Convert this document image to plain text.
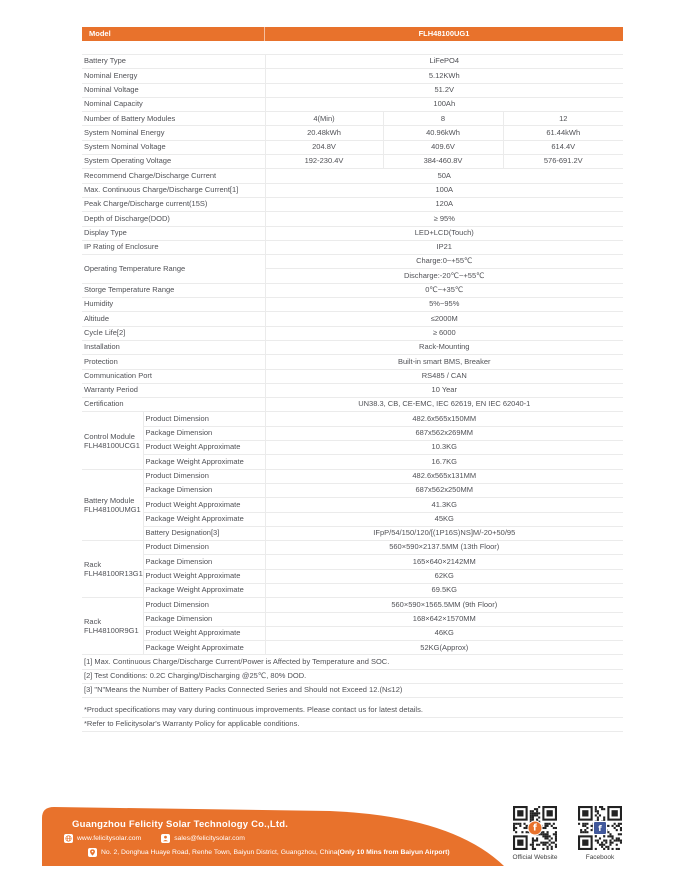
Model	FLH48100UG1
Battery Type		LiFePO4		
Nominal Energy		5.12KWh		
Nominal Voltage		51.2V		
Nominal Capacity		100Ah		
Number of Battery Modules		4(Min)	8	12
System Nominal Energy		20.48kWh	40.96kWh	61.44kWh
System Nominal Voltage		204.8V	409.6V	614.4V
System Operating Voltage		192-230.4V	384-460.8V	576-691.2V
Recommend Charge/Discharge Current		50A		
Max. Continuous Charge/Discharge Current[1]		100A		
Peak Charge/Discharge current(15S)		120A		
Depth of Discharge(DOD)		≥ 95%		
Display Type		LED+LCD(Touch)		
IP Rating of Enclosure		IP21		
Operating Temperature Range		Charge:0~+55℃		
		Discharge:-20℃~+55℃		
Storge Temperature Range		0℃~+35℃		
Humidity		5%~95%		
Altitude		≤2000M		
Cycle Life[2]		≥ 6000		
Installation		Rack-Mounting		
Protection		Built-in smart BMS, Breaker		
Communication Port		RS485 / CAN		
Warranty Period		10 Year		
Certification		UN38.3, CB, CE-EMC, IEC 62619, EN IEC 62040-1		

Control Module
FLH48100UCG1	Product Dimension	482.6x565x150MM		
	Package Dimension	687x562x269MM		
	Product Weight Approximate	10.3KG		
	Package Weight Approximate	16.7KG		

Battery Module
FLH48100UMG1	Product Dimension	482.6x565x131MM		
	Package Dimension	687x562x250MM		
	Product Weight Approximate	41.3KG		
	Package Weight Approximate	45KG		
	Battery Designation[3]	IFpP/54/150/120/[(1P16S)NS]M/-20+50/95		

Rack
FLH48100R13G1	Product Dimension	560×590×2137.5MM (13th Floor)		
	Package Dimension	165×640×2142MM		
	Product Weight Approximate	62KG		
	Package Weight Approximate	69.5KG		

Rack
FLH48100R9G1	Product Dimension	560×590×1565.5MM (9th Floor)		
	Package Dimension	168×642×1570MM		
	Product Weight Approximate	46KG		
	Package Weight Approximate	52KG(Approx)		
[1] Max. Continuous Charge/Discharge Current/Power is Affected by Temperature and SOC.				
[2] Test Conditions: 0.2C Charging/Discharging @25℃, 80% DOD.				
[3] "N"Means the Number of Battery Packs Connected Series and Should not Exceed 12.(N≤12)				
*Product specifications may vary during continuous improvements. Please contact us for latest details.				
*Refer to Felicitysolar's Warranty Policy for applicable conditions.				
Guangzhou Felicity Solar Technology Co.,Ltd.
www.felicitysolar.com	sales@felicitysolar.com
No. 2, Donghua Huaye Road, Renhe Town, Baiyun District, Guangzhou, China (Only 10 Mins from Baiyun Airport)
f	f
Official Website	Facebook
